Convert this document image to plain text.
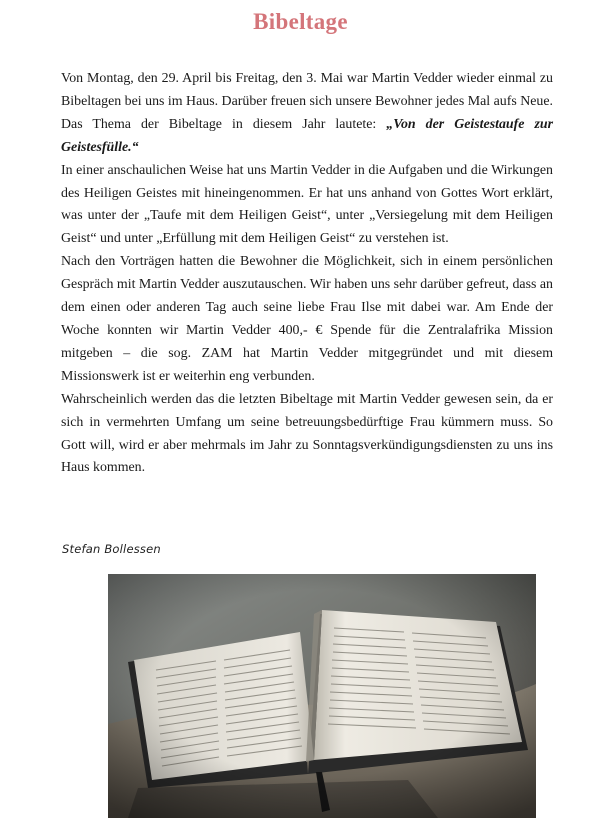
Bibeltage

Von Montag, den 29. April bis Freitag, den 3. Mai war Martin Vedder wieder einmal zu Bibeltagen bei uns im Haus. Darüber freuen sich unsere Bewohner jedes Mal aufs Neue. Das Thema der Bibeltage in diesem Jahr lautete: „Von der Geistestaufe zur Geistesfülle.“

In einer anschaulichen Weise hat uns Martin Vedder in die Aufgaben und die Wirkungen des Heiligen Geistes mit hineingenommen. Er hat uns anhand von Gottes Wort erklärt, was unter der „Taufe mit dem Heiligen Geist“, unter „Versiegelung mit dem Heiligen Geist“ und unter „Erfüllung mit dem Heiligen Geist“ zu verstehen ist.

Nach den Vorträgen hatten die Bewohner die Möglichkeit, sich in einem persönlichen Gespräch mit Martin Vedder auszutauschen. Wir haben uns sehr darüber gefreut, dass an dem einen oder anderen Tag auch seine liebe Frau Ilse mit dabei war. Am Ende der Woche konnten wir Martin Vedder 400,- € Spende für die Zentralafrika Mission mitgeben – die sog. ZAM hat Martin Vedder mitgegründet und mit diesem Missionswerk ist er weiterhin eng verbunden.

Wahrscheinlich werden das die letzten Bibeltage mit Martin Vedder gewesen sein, da er sich in vermehrten Umfang um seine betreuungsbedürftige Frau kümmern muss. So Gott will, wird er aber mehrmals im Jahr zu Sonntagsverkündigungsdiensten zu uns ins Haus kommen.

Stefan Bollessen
